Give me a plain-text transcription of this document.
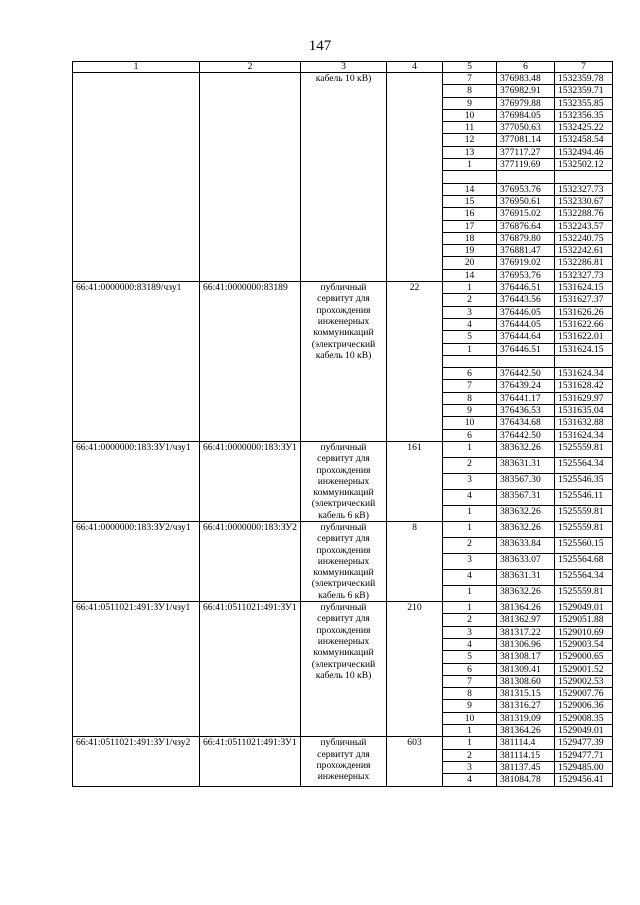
147
1	2	3	4	5	6	7
		кабель 10 кВ)		7	376983.48	1532359.78
				8	376982.91	1532359.71
				9	376979.88	1532355.85
				10	376984.05	1532356.35
				11	377050.63	1532425.22
				12	377081.14	1532458.54
				13	377117.27	1532494.46
				1	377119.69	1532502.12

				14	376953.76	1532327.73
				15	376950.61	1532330.67
				16	376915.02	1532288.76
				17	376876.64	1532243.57
				18	376879.80	1532240.75
				19	376881.47	1532242.61
				20	376919.02	1532286.81
				14	376953.76	1532327.73
66:41:0000000:83189/чзу1	66:41:0000000:83189	публичный сервитут для прохождения инженерных коммуникаций (электрический кабель 10 кВ)	22	1	376446.51	1531624.15
				2	376443.56	1531627.37
				3	376446.05	1531626.26
				4	376444.05	1531622.66
				5	376444.64	1531622.01
				1	376446.51	1531624.15

				6	376442.50	1531624.34
				7	376439.24	1531628.42
				8	376441.17	1531629.97
				9	376436.53	1531635.04
				10	376434.68	1531632.88
				6	376442.50	1531624.34
66:41:0000000:183:ЗУ1/чзу1	66:41:0000000:183:ЗУ1	публичный сервитут для прохождения инженерных коммуникаций (электрический кабель 6 кВ)	161	1	383632.26	1525559.81
				2	383631.31	1525564.34
				3	383567.30	1525546.35
				4	383567.31	1525546.11
				1	383632.26	1525559.81
66:41:0000000:183:ЗУ2/чзу1	66:41:0000000:183:ЗУ2	публичный сервитут для прохождения инженерных коммуникаций (электрический кабель 6 кВ)	8	1	383632.26	1525559.81
				2	383633.84	1525560.15
				3	383633.07	1525564.68
				4	383631.31	1525564.34
				1	383632.26	1525559.81
66:41:0511021:491:ЗУ1/чзу1	66:41:0511021:491:ЗУ1	публичный сервитут для прохождения инженерных коммуникаций (электрический кабель 10 кВ)	210	1	381364.26	1529049.01
				2	381362.97	1529051.88
				3	381317.22	1529010.69
				4	381306.96	1529003.54
				5	381308.17	1529000.65
				6	381309.41	1529001.52
				7	381308.60	1529002.53
				8	381315.15	1529007.76
				9	381316.27	1529006.36
				10	381319.09	1529008.35
				1	381364.26	1529049.01
66:41:0511021:491:ЗУ1/чзу2	66:41:0511021:491:ЗУ1	публичный сервитут для прохождения инженерных	603	1	381114.4	1529477.39
				2	381114.15	1529477.71
				3	381137.45	1529485.00
				4	381084.78	1529456.41
